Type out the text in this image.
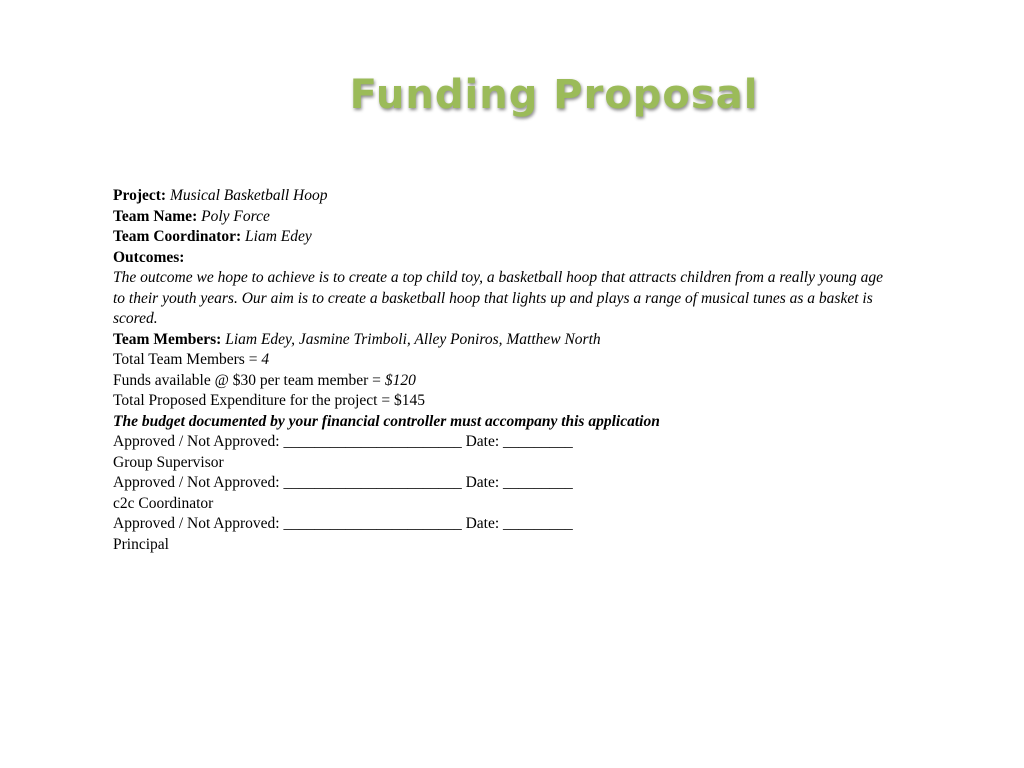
Funding Proposal
Project: Musical Basketball Hoop
Team Name: Poly Force
Team Coordinator: Liam Edey
Outcomes:
The outcome we hope to achieve is to create a top child toy, a basketball hoop that attracts children from a really young age to their youth years. Our aim is to create a basketball hoop that lights up and plays a range of musical tunes as a basket is scored.
Team Members: Liam Edey, Jasmine Trimboli, Alley Poniros, Matthew North
Total Team Members = 4
Funds available @ $30 per team member = $120
Total Proposed Expenditure for the project = $145
The budget documented by your financial controller must accompany this application
Approved / Not Approved: _______________________ Date: _________
Group Supervisor
Approved / Not Approved: _______________________ Date: _________
c2c Coordinator
Approved / Not Approved: _______________________ Date: _________
Principal
